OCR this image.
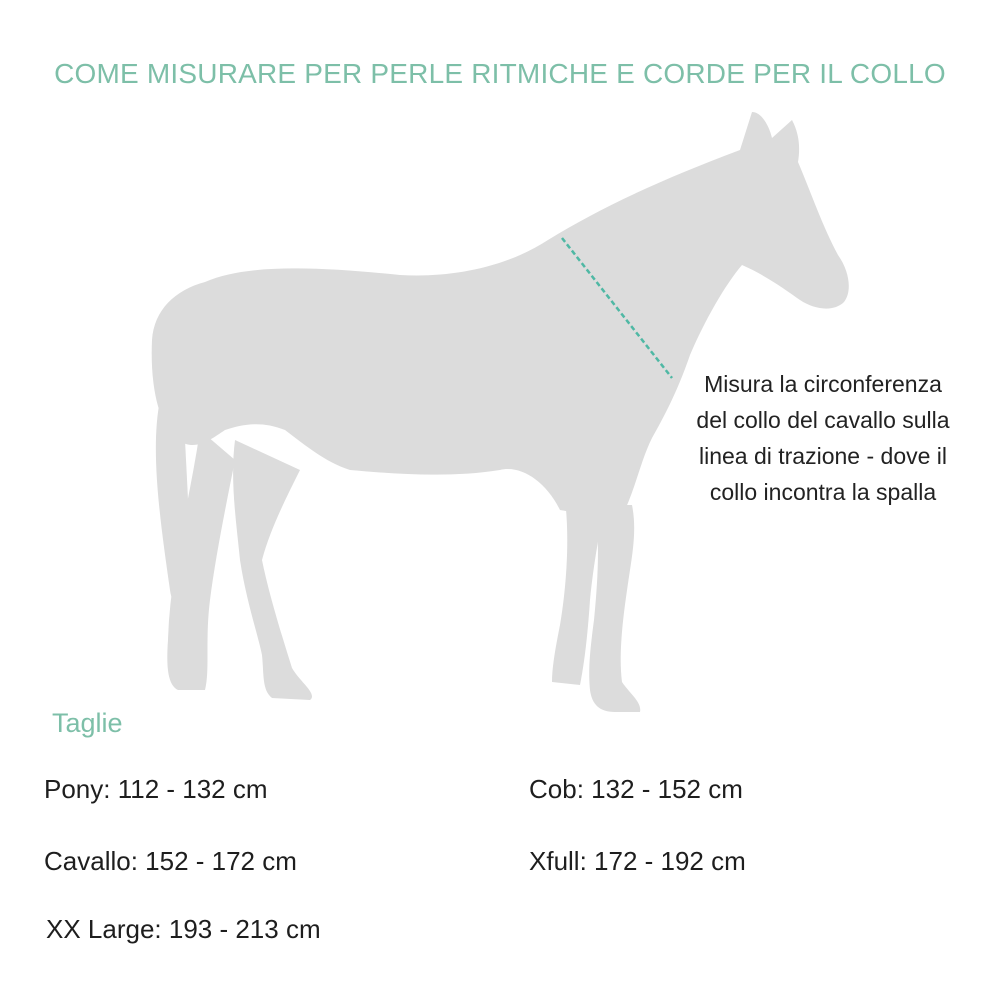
COME MISURARE PER PERLE RITMICHE E CORDE PER IL COLLO
Misura la circonferenza del collo del cavallo sulla linea di trazione - dove il collo incontra la spalla
Taglie
Pony: 112 - 132 cm	Cob: 132 - 152 cm
Cavallo: 152 - 172 cm	Xfull: 172 - 192 cm
XX Large: 193 - 213 cm
